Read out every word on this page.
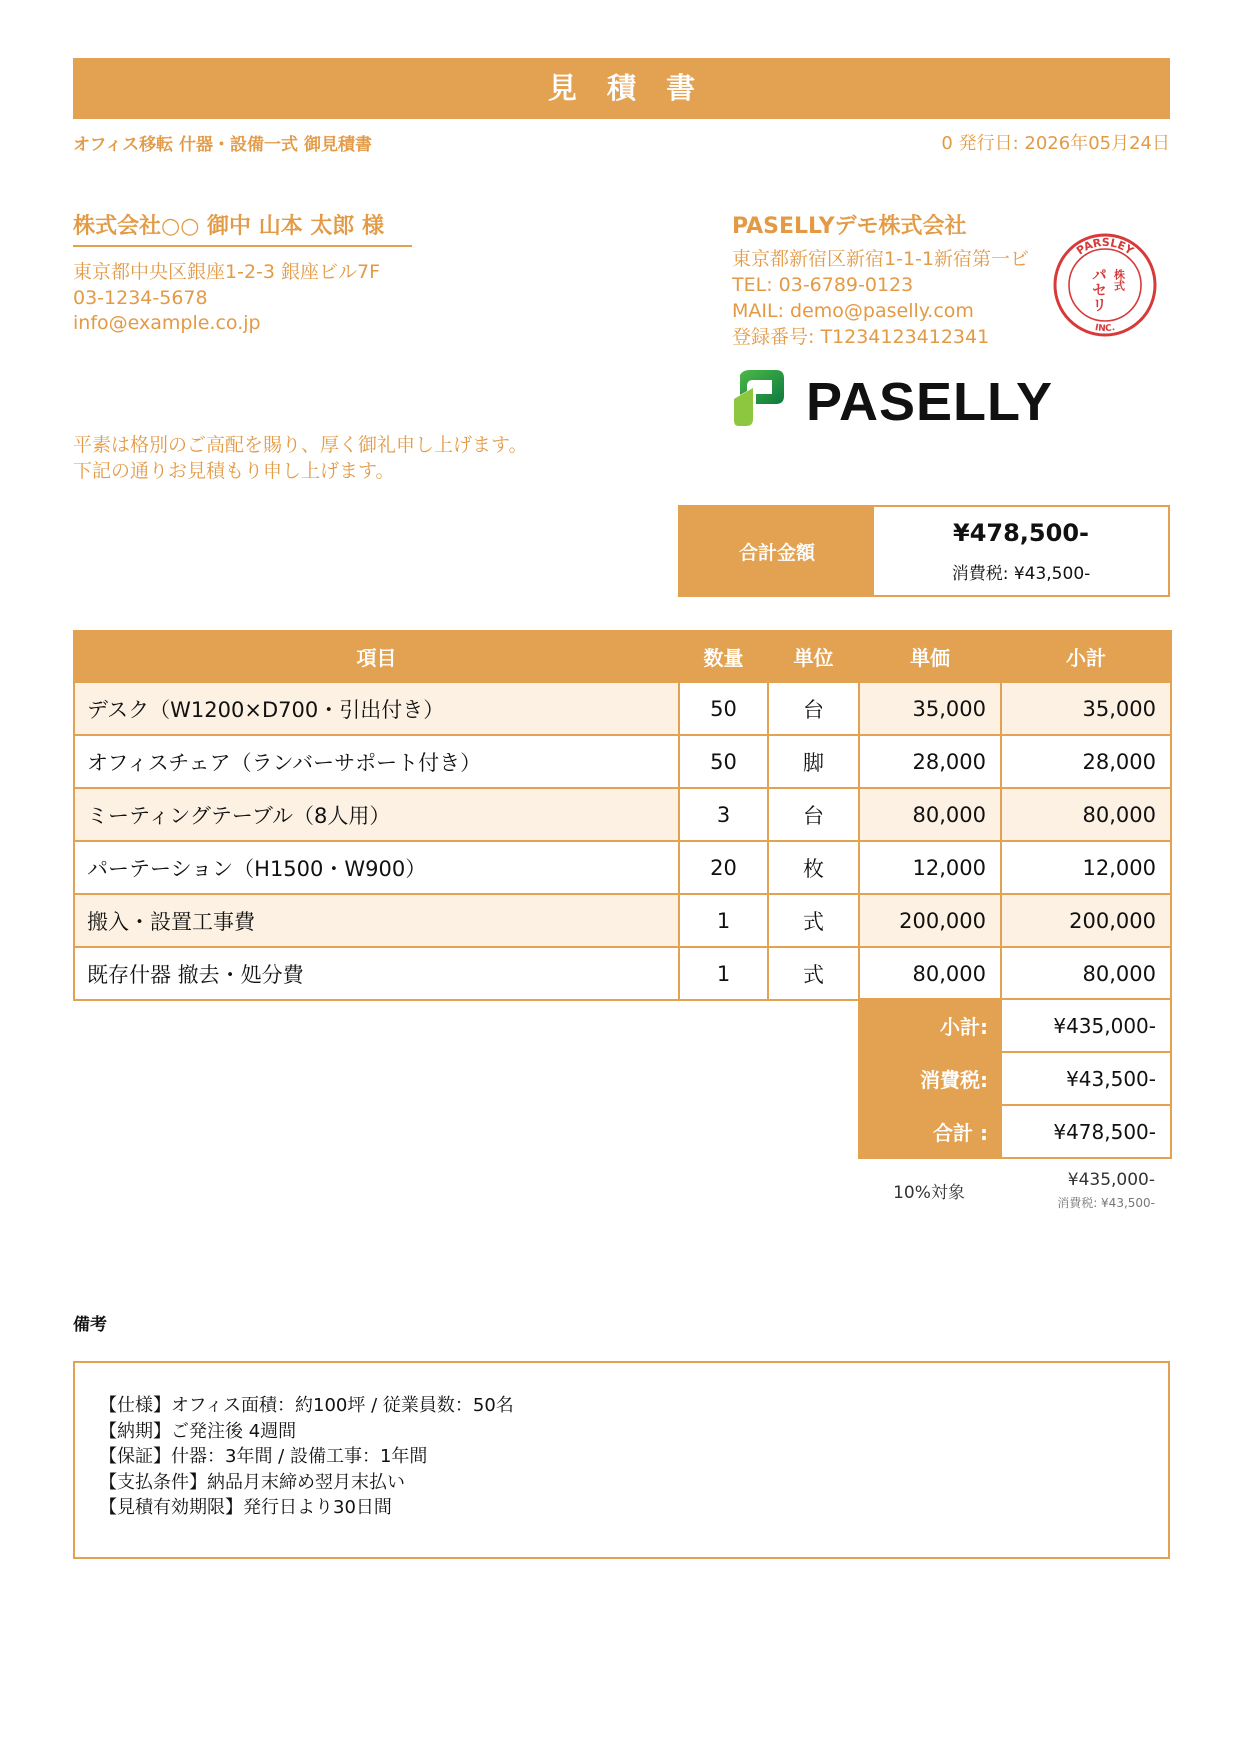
見 積 書
オフィス移転 什器・設備一式 御見積書	0 発行日: 2026年05月24日
株式会社○○ 御中 山本 太郎 様
東京都中央区銀座1-2-3 銀座ビル7F
03-1234-5678
info@example.co.jp
PASELLYデモ株式会社
東京都新宿区新宿1-1-1新宿第一ビ
TEL: 03-6789-0123
MAIL: demo@paselly.com
登録番号: T1234123412341
PARSLEY
INC.
パセリ 株式
PASELLY
平素は格別のご高配を賜り、厚く御礼申し上げます。
下記の通りお見積もり申し上げます。
合計金額
¥478,500-
消費税: ¥43,500-
項目	数量	単位	単価	小計
デスク（W1200×D700・引出付き）	50	台	35,000	35,000
オフィスチェア（ランバーサポート付き）	50	脚	28,000	28,000
ミーティングテーブル（8人用）	3	台	80,000	80,000
パーテーション（H1500・W900）	20	枚	12,000	12,000
搬入・設置工事費	1	式	200,000	200,000
既存什器 撤去・処分費	1	式	80,000	80,000
小計:	¥435,000-
消費税:	¥43,500-
合計 :	¥478,500-
10%対象
¥435,000-
消費税: ¥43,500-
備考
【仕様】オフィス面積：約100坪 / 従業員数：50名
【納期】ご発注後 4週間
【保証】什器：3年間 / 設備工事：1年間
【支払条件】納品月末締め翌月末払い
【見積有効期限】発行日より30日間
